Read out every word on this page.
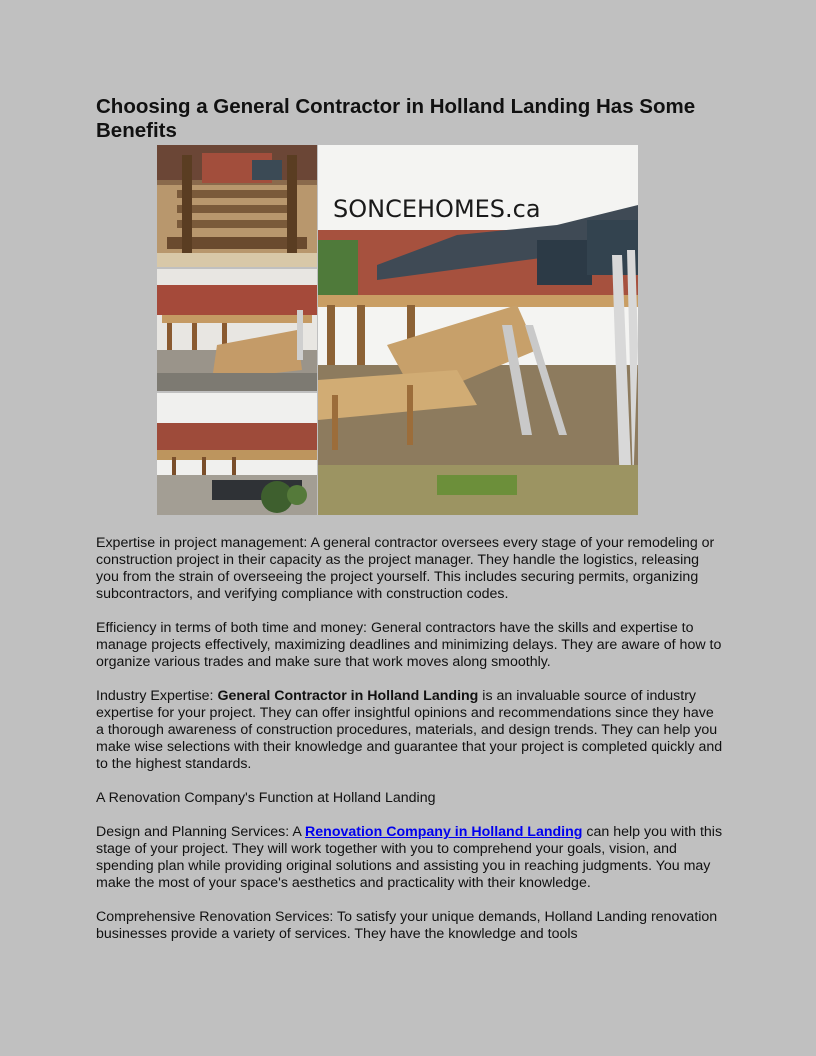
Choosing a General Contractor in Holland Landing Has Some Benefits
SONCEHOMES.ca

Expertise in project management: A general contractor oversees every stage of your remodeling or construction project in their capacity as the project manager. They handle the logistics, releasing you from the strain of overseeing the project yourself. This includes securing permits, organizing subcontractors, and verifying compliance with construction codes.

Efficiency in terms of both time and money: General contractors have the skills and expertise to manage projects effectively, maximizing deadlines and minimizing delays. They are aware of how to organize various trades and make sure that work moves along smoothly.

Industry Expertise: General Contractor in Holland Landing is an invaluable source of industry expertise for your project. They can offer insightful opinions and recommendations since they have a thorough awareness of construction procedures, materials, and design trends. They can help you make wise selections with their knowledge and guarantee that your project is completed quickly and to the highest standards.

A Renovation Company's Function at Holland Landing

Design and Planning Services: A Renovation Company in Holland Landing can help you with this stage of your project. They will work together with you to comprehend your goals, vision, and spending plan while providing original solutions and assisting you in reaching judgments. You may make the most of your space's aesthetics and practicality with their knowledge.

Comprehensive Renovation Services: To satisfy your unique demands, Holland Landing renovation businesses provide a variety of services. They have the knowledge and tools
